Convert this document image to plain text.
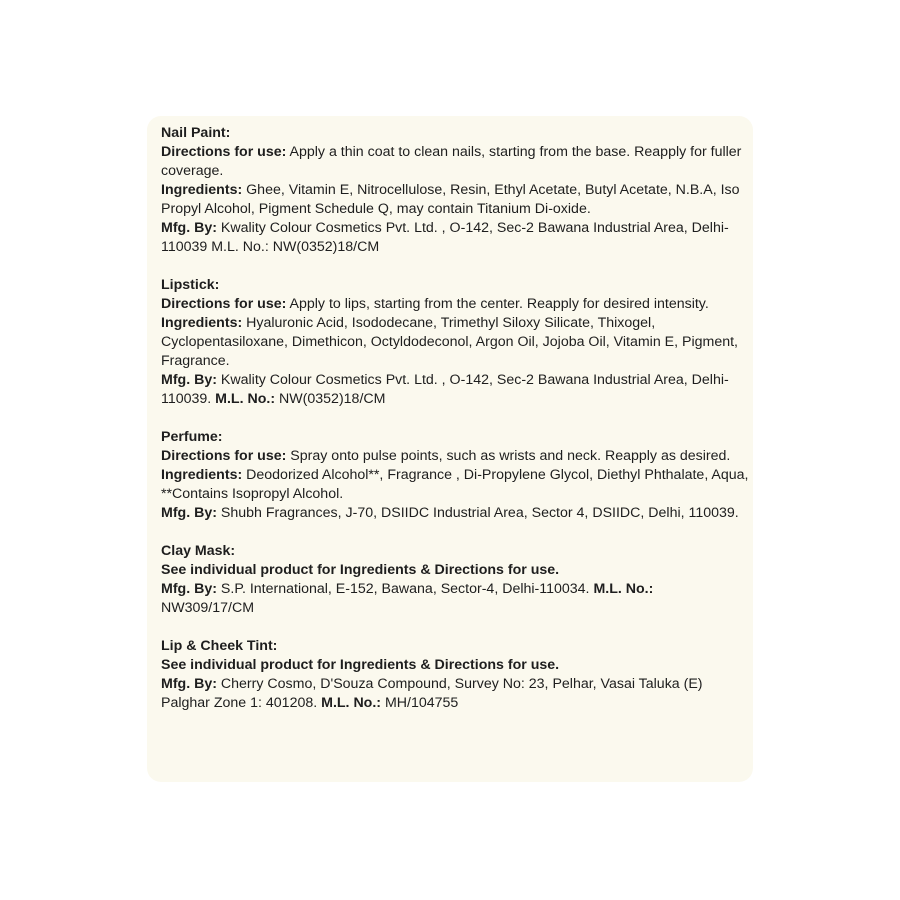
Nail Paint:

Directions for use: Apply a thin coat to clean nails, starting from the base. Reapply for fuller coverage.

Ingredients: Ghee, Vitamin E, Nitrocellulose, Resin, Ethyl Acetate, Butyl Acetate, N.B.A, Iso Propyl Alcohol, Pigment Schedule Q, may contain Titanium Di-oxide.

Mfg. By: Kwality Colour Cosmetics Pvt. Ltd. , O-142, Sec-2 Bawana Industrial Area, Delhi-110039 M.L. No.: NW(0352)18/CM

Lipstick:

Directions for use: Apply to lips, starting from the center. Reapply for desired intensity.

Ingredients: Hyaluronic Acid, Isododecane, Trimethyl Siloxy Silicate, Thixogel, Cyclopentasiloxane, Dimethicon, Octyldodeconol, Argon Oil, Jojoba Oil, Vitamin E, Pigment, Fragrance.

Mfg. By: Kwality Colour Cosmetics Pvt. Ltd. , O-142, Sec-2 Bawana Industrial Area, Delhi-110039. M.L. No.: NW(0352)18/CM

Perfume:

Directions for use: Spray onto pulse points, such as wrists and neck. Reapply as desired.

Ingredients: Deodorized Alcohol**, Fragrance , Di-Propylene Glycol, Diethyl Phthalate, Aqua, **Contains Isopropyl Alcohol.

Mfg. By: Shubh Fragrances, J-70, DSIIDC Industrial Area, Sector 4, DSIIDC, Delhi, 110039.

Clay Mask:

See individual product for Ingredients & Directions for use.

Mfg. By: S.P. International, E-152, Bawana, Sector-4, Delhi-110034. M.L. No.: NW309/17/CM

Lip & Cheek Tint:

See individual product for Ingredients & Directions for use.

Mfg. By: Cherry Cosmo, D'Souza Compound, Survey No: 23, Pelhar, Vasai Taluka (E) Palghar Zone 1: 401208. M.L. No.: MH/104755
